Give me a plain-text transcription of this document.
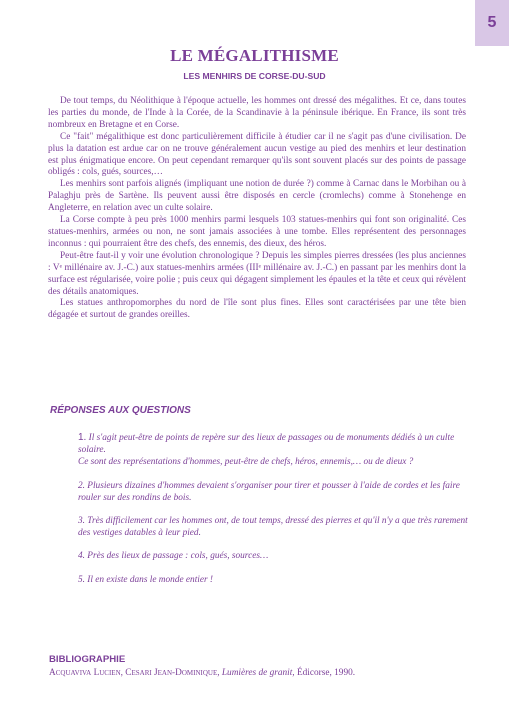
5
LE MÉGALITHISME
LES MENHIRS DE CORSE-DU-SUD

De tout temps, du Néolithique à l'époque actuelle, les hommes ont dressé des mégalithes. Et ce, dans toutes les parties du monde, de l'Inde à la Corée, de la Scandinavie à la péninsule ibérique. En France, ils sont très nombreux en Bretagne et en Corse.

Ce "fait" mégalithique est donc particulièrement difficile à étudier car il ne s'agit pas d'une civilisation. De plus la datation est ardue car on ne trouve généralement aucun vestige au pied des menhirs et leur destination est plus énigmatique encore. On peut cependant remarquer qu'ils sont souvent placés sur des points de passage obligés : cols, gués, sources,…

Les menhirs sont parfois alignés (impliquant une notion de durée ?) comme à Carnac dans le Morbihan ou à Palaghju près de Sartène. Ils peuvent aussi être disposés en cercle (cromlechs) comme à Stonehenge en Angleterre, en relation avec un culte solaire.

La Corse compte à peu près 1000 menhirs parmi lesquels 103 statues-menhirs qui font son originalité. Ces statues-menhirs, armées ou non, ne sont jamais associées à une tombe. Elles représentent des personnages inconnus : qui pourraient être des chefs, des ennemis, des dieux, des héros.

Peut-être faut-il y voir une évolution chronologique ? Depuis les simples pierres dressées (les plus anciennes : Vᵉ millénaire av. J.-C.) aux statues-menhirs armées (IIIᵉ millénaire av. J.-C.) en passant par les menhirs dont la surface est régularisée, voire polie ; puis ceux qui dégagent simplement les épaules et la tête et ceux qui révèlent des détails anatomiques.

Les statues anthropomorphes du nord de l'île sont plus fines. Elles sont caractérisées par une tête bien dégagée et surtout de grandes oreilles.

RÉPONSES AUX QUESTIONS

1. Il s'agit peut-être de points de repère sur des lieux de passages ou de monuments dédiés à un culte solaire.
Ce sont des représentations d'hommes, peut-être de chefs, héros, ennemis,… ou de dieux ?

2. Plusieurs dizaines d'hommes devaient s'organiser pour tirer et pousser à l'aide de cordes et les faire rouler sur des rondins de bois.

3. Très difficilement car les hommes ont, de tout temps, dressé des pierres et qu'il n'y a que très rarement des vestiges datables à leur pied.

4. Près des lieux de passage : cols, gués, sources…

5. Il en existe dans le monde entier !

BIBLIOGRAPHIE
Acquaviva Lucien, Cesari Jean-Dominique, Lumières de granit, Édicorse, 1990.
